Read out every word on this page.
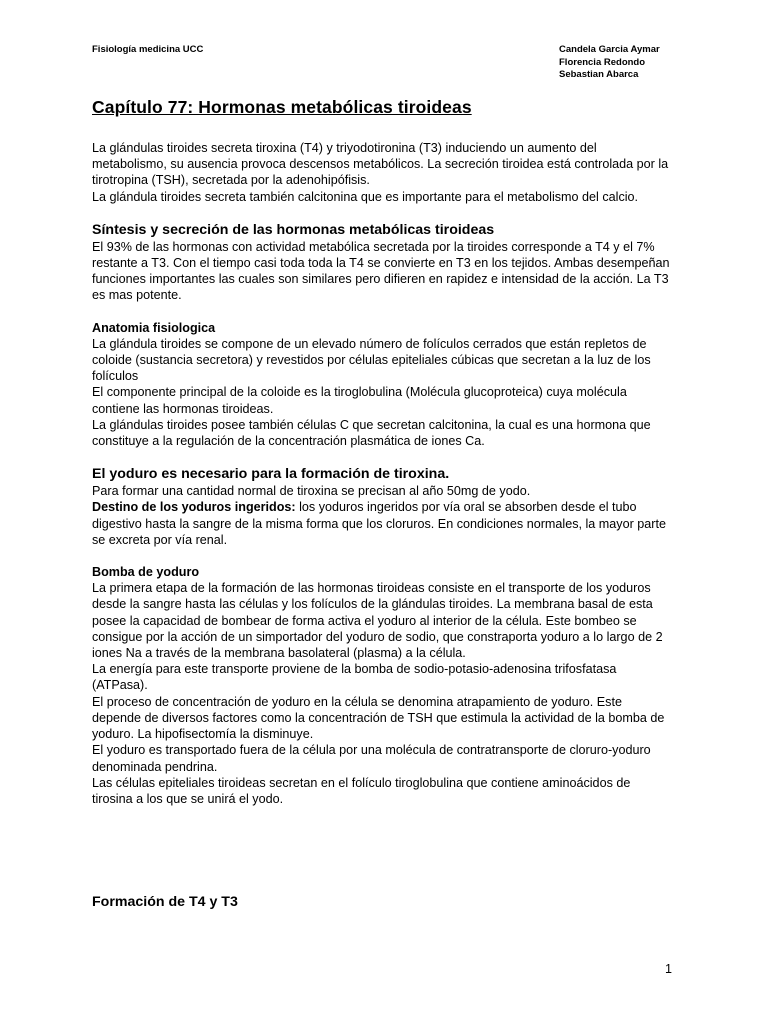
Fisiología medicina UCC	Candela Garcia Aymar
Florencia Redondo
Sebastian Abarca
Capítulo 77: Hormonas metabólicas tiroideas

La glándulas tiroides secreta tiroxina (T4) y triyodotironina (T3) induciendo un aumento del metabolismo, su ausencia provoca descensos metabólicos. La secreción tiroidea está controlada por la tirotropina (TSH), secretada por la adenohipófisis.

La glándula tiroides secreta también calcitonina que es importante para el metabolismo del calcio.

Síntesis y secreción de las hormonas metabólicas tiroideas

El 93% de las hormonas con actividad metabólica secretada por la tiroides corresponde a T4 y el 7% restante a T3. Con el tiempo casi toda toda la T4 se convierte en T3 en los tejidos. Ambas desempeñan funciones importantes las cuales son similares pero difieren en rapidez e intensidad de la acción. La T3 es mas potente.

Anatomia fisiologica

La glándula tiroides se compone de un elevado número de folículos cerrados que están repletos de coloide (sustancia secretora) y revestidos por células epiteliales cúbicas que secretan a la luz de los folículos

El componente principal de la coloide es la tiroglobulina (Molécula glucoproteica) cuya molécula contiene las hormonas tiroideas.

La glándulas tiroides posee también células C que secretan calcitonina, la cual es una hormona que constituye a la regulación de la concentración plasmática de iones Ca.

El yoduro es necesario para la formación de tiroxina.

Para formar una cantidad normal de tiroxina se precisan al año 50mg de yodo.

Destino de los yoduros ingeridos: los yoduros ingeridos por vía oral se absorben desde el tubo digestivo hasta la sangre de la misma forma que los cloruros. En condiciones normales, la mayor parte se excreta por vía renal.

Bomba de yoduro

La primera etapa de la formación de las hormonas tiroideas consiste en el transporte de los yoduros desde la sangre hasta las células y los folículos de la glándulas tiroides. La membrana basal de esta posee la capacidad de bombear de forma activa el yoduro al interior de la célula. Este bombeo se consigue por la acción de un simportador del yoduro de sodio, que constraporta yoduro a lo largo de 2 iones Na a través de la membrana basolateral (plasma) a la célula.

La energía para este transporte proviene de la bomba de sodio-potasio-adenosina trifosfatasa (ATPasa).

El proceso de concentración de yoduro en la célula se denomina atrapamiento de yoduro. Este depende de diversos factores como la concentración de TSH que estimula la actividad de la bomba de yoduro. La hipofisectomía la disminuye.

El yoduro es transportado fuera de la célula por una molécula de contratransporte de cloruro-yoduro denominada pendrina.

Las células epiteliales tiroideas secretan en el folículo tiroglobulina que contiene aminoácidos de tirosina a los que se unirá el yodo.

Formación de T4 y T3
1
